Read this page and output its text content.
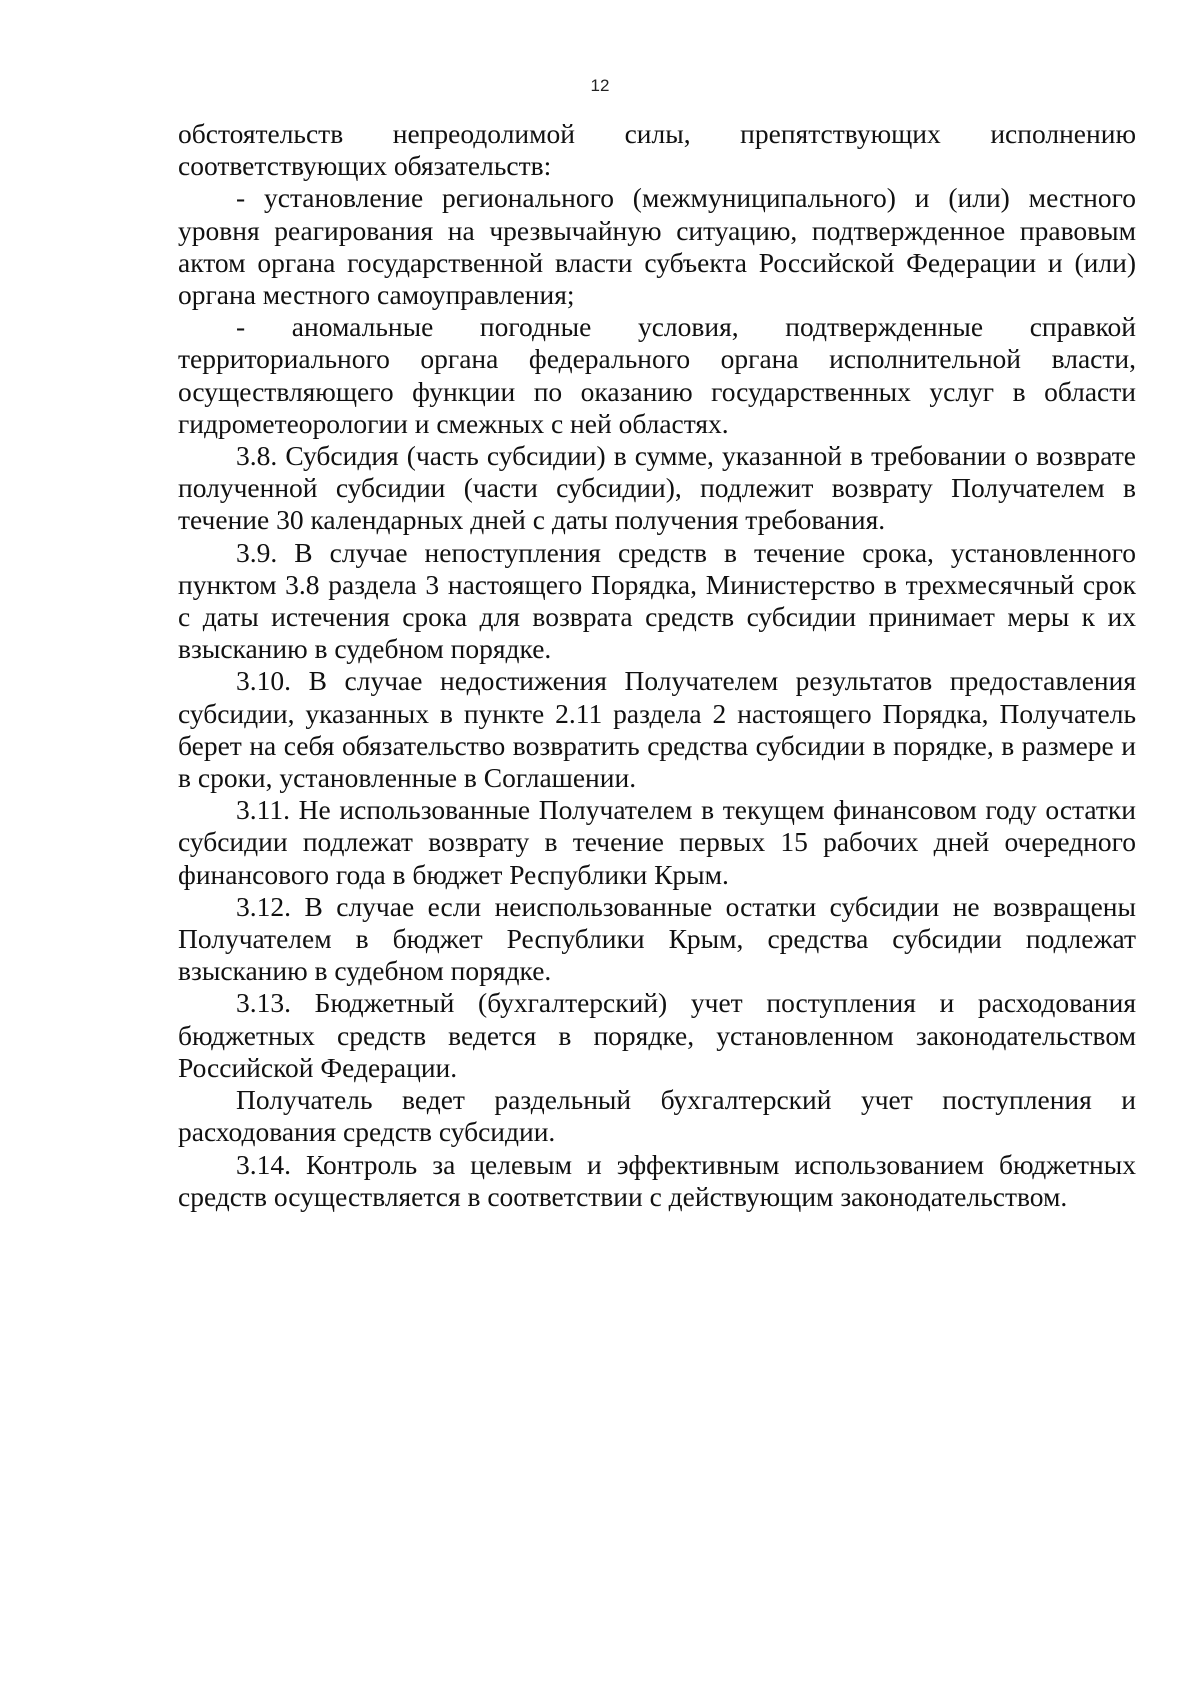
12

обстоятельств непреодолимой силы, препятствующих исполнению соответствующих обязательств:

- установление регионального (межмуниципального) и (или) местного уровня реагирования на чрезвычайную ситуацию, подтвержденное правовым актом органа государственной власти субъекта Российской Федерации и (или) органа местного самоуправления;

- аномальные погодные условия, подтвержденные справкой территориального органа федерального органа исполнительной власти, осуществляющего функции по оказанию государственных услуг в области гидрометеорологии и смежных с ней областях.

3.8. Субсидия (часть субсидии) в сумме, указанной в требовании о возврате полученной субсидии (части субсидии), подлежит возврату Получателем в течение 30 календарных дней с даты получения требования.

3.9. В случае непоступления средств в течение срока, установленного пунктом 3.8 раздела 3 настоящего Порядка, Министерство в трехмесячный срок с даты истечения срока для возврата средств субсидии принимает меры к их взысканию в судебном порядке.

3.10. В случае недостижения Получателем результатов предоставления субсидии, указанных в пункте 2.11 раздела 2 настоящего Порядка, Получатель берет на себя обязательство возвратить средства субсидии в порядке, в размере и в сроки, установленные в Соглашении.

3.11. Не использованные Получателем в текущем финансовом году остатки субсидии подлежат возврату в течение первых 15 рабочих дней очередного финансового года в бюджет Республики Крым.

3.12. В случае если неиспользованные остатки субсидии не возвращены Получателем в бюджет Республики Крым, средства субсидии подлежат взысканию в судебном порядке.

3.13. Бюджетный (бухгалтерский) учет поступления и расходования бюджетных средств ведется в порядке, установленном законодательством Российской Федерации.

Получатель ведет раздельный бухгалтерский учет поступления и расходования средств субсидии.

3.14. Контроль за целевым и эффективным использованием бюджетных средств осуществляется в соответствии с действующим законодательством.
